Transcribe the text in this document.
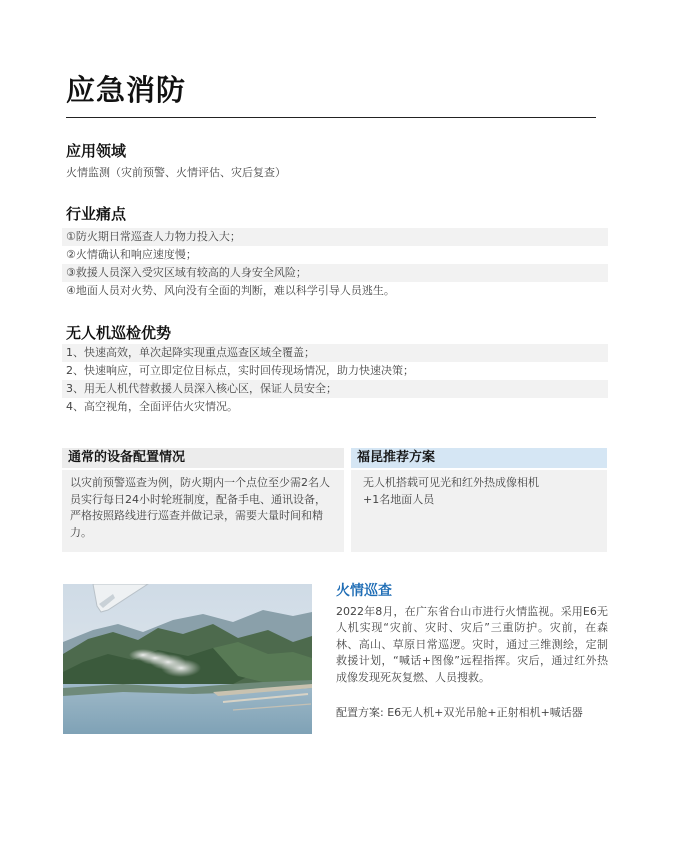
应急消防
应用领域
火情监测（灾前预警、火情评估、灾后复查）
行业痛点
①防火期日常巡查人力物力投入大；
②火情确认和响应速度慢；
③救援人员深入受灾区域有较高的人身安全风险；
④地面人员对火势、风向没有全面的判断，难以科学引导人员逃生。
无人机巡检优势
1、快速高效，单次起降实现重点巡查区域全覆盖；
2、快速响应，可立即定位目标点，实时回传现场情况，助力快速决策；
3、用无人机代替救援人员深入核心区，保证人员安全；
4、高空视角，全面评估火灾情况。
通常的设备配置情况
以灾前预警巡查为例，防火期内一个点位至少需2名人员实行每日24小时轮班制度，配备手电、通讯设备，严格按照路线进行巡查并做记录，需要大量时间和精力。
福昆推荐方案
无人机搭载可见光和红外热成像相机
+1名地面人员
火情巡查
2022年8月，在广东省台山市进行火情监视。采用E6无人机实现“灾前、灾时、灾后”三重防护。灾前，在森林、高山、草原日常巡逻。灾时，通过三维测绘，定制救援计划，“喊话+图像”远程指挥。灾后，通过红外热成像发现死灰复燃、人员搜救。
配置方案: E6无人机+双光吊舱+正射相机+喊话器
